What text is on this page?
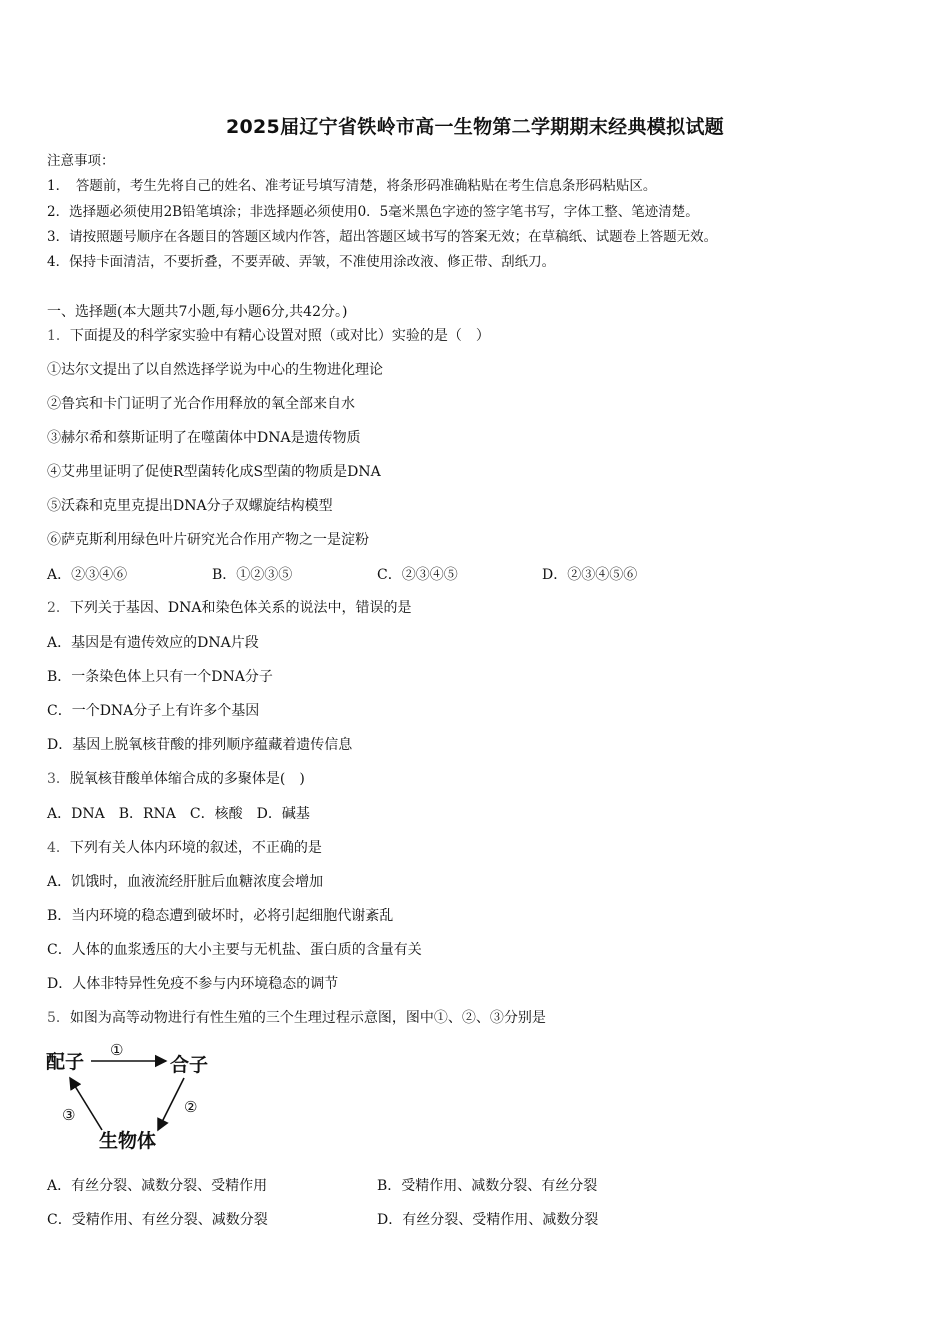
2025届辽宁省铁岭市高一生物第二学期期末经典模拟试题
注意事项：
1．　答题前，考生先将自己的姓名、准考证号填写清楚，将条形码准确粘贴在考生信息条形码粘贴区。
2．选择题必须使用2B铅笔填涂；非选择题必须使用0．5毫米黑色字迹的签字笔书写，字体工整、笔迹清楚。
3．请按照题号顺序在各题目的答题区域内作答，超出答题区域书写的答案无效；在草稿纸、试题卷上答题无效。
4．保持卡面清洁，不要折叠，不要弄破、弄皱，不准使用涂改液、修正带、刮纸刀。
一、选择题(本大题共7小题,每小题6分,共42分。)
1．下面提及的科学家实验中有精心设置对照（或对比）实验的是（　）
①达尔文提出了以自然选择学说为中心的生物进化理论
②鲁宾和卡门证明了光合作用释放的氧全部来自水
③赫尔希和蔡斯证明了在噬菌体中DNA是遗传物质
④艾弗里证明了促使R型菌转化成S型菌的物质是DNA
⑤沃森和克里克提出DNA分子双螺旋结构模型
⑥萨克斯利用绿色叶片研究光合作用产物之一是淀粉
A．②③④⑥	B．①②③⑤	C．②③④⑤	D．②③④⑤⑥
2．下列关于基因、DNA和染色体关系的说法中，错误的是
A．基因是有遗传效应的DNA片段
B．一条染色体上只有一个DNA分子
C．一个DNA分子上有许多个基因
D．基因上脱氧核苷酸的排列顺序蕴藏着遗传信息
3．脱氧核苷酸单体缩合成的多聚体是(　)
A．DNA　B．RNA　C．核酸　D．碱基
4．下列有关人体内环境的叙述，不正确的是
A．饥饿时，血液流经肝脏后血糖浓度会增加
B．当内环境的稳态遭到破坏时，必将引起细胞代谢紊乱
C．人体的血浆透压的大小主要与无机盐、蛋白质的含量有关
D．人体非特异性免疫不参与内环境稳态的调节
5．如图为高等动物进行有性生殖的三个生理过程示意图，图中①、②、③分别是
配子	合子
生物体
①
②
③
A．有丝分裂、减数分裂、受精作用	B．受精作用、减数分裂、有丝分裂
C．受精作用、有丝分裂、减数分裂	D．有丝分裂、受精作用、减数分裂
